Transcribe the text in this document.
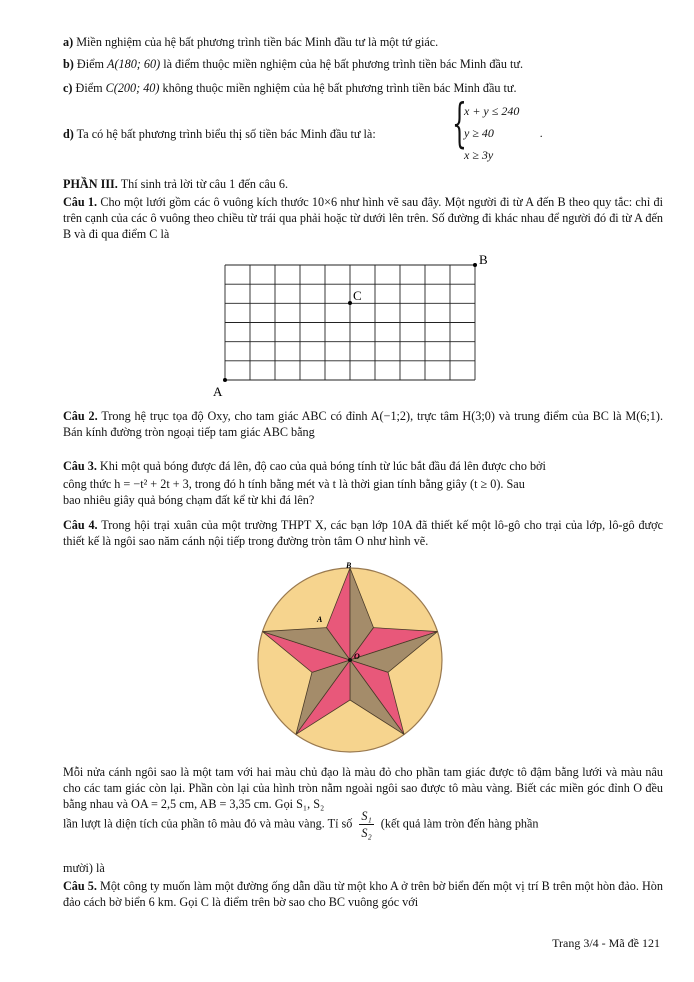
a) Miền nghiệm của hệ bất phương trình tiền bác Minh đầu tư là một tứ giác.
b) Điểm A(180; 60) là điểm thuộc miền nghiệm của hệ bất phương trình tiền bác Minh đầu tư.
c) Điểm C(200; 40) không thuộc miền nghiệm của hệ bất phương trình tiền bác Minh đầu tư.
d) Ta có hệ bất phương trình biểu thị số tiền bác Minh đầu tư là:	{
x + y ≤ 240
y ≥ 40
x ≥ 3y
.
PHẦN III. Thí sinh trả lời từ câu 1 đến câu 6.
Câu 1. Cho một lưới gồm các ô vuông kích thước 10×6 như hình vẽ sau đây. Một người đi từ A đến B theo quy tắc: chỉ đi trên cạnh của các ô vuông theo chiều từ trái qua phải hoặc từ dưới lên trên. Số đường đi khác nhau để người đó đi từ A đến B và đi qua điểm C là
A
B
C
Câu 2. Trong hệ trục tọa độ Oxy, cho tam giác ABC có đỉnh A(−1;2), trực tâm H(3;0) và trung điểm của BC là M(6;1). Bán kính đường tròn ngoại tiếp tam giác ABC bằng
Câu 3. Khi một quả bóng được đá lên, độ cao của quả bóng tính từ lúc bắt đầu đá lên được cho bởi
công thức h = −t² + 2t + 3, trong đó h tính bằng mét và t là thời gian tính bằng giây (t ≥ 0). Sau
bao nhiêu giây quả bóng chạm đất kể từ khi đá lên?
Câu 4. Trong hội trại xuân của một trường THPT X, các bạn lớp 10A đã thiết kế một lô-gô cho trại của lớp, lô-gô được thiết kế là ngôi sao năm cánh nội tiếp trong đường tròn tâm O như hình vẽ.
B
A
O
Mỗi nửa cánh ngôi sao là một tam với hai màu chủ đạo là màu đỏ cho phần tam giác được tô đậm bằng lưới và màu nâu cho các tam giác còn lại. Phần còn lại của hình tròn nằm ngoài ngôi sao được tô màu vàng. Biết các miền góc đỉnh O đều bằng nhau và OA = 2,5 cm, AB = 3,35 cm. Gọi S₁, S₂
lần lượt là diện tích của phần tô màu đỏ và màu vàng. Tỉ số $\frac{\text{S₁}}{\text{S₂}}$ (kết quả làm tròn đến hàng phần
mười) là
Câu 5. Một công ty muốn làm một đường ống dẫn dầu từ một kho A ở trên bờ biển đến một vị trí B trên một hòn đảo. Hòn đảo cách bờ biển 6 km. Gọi C là điểm trên bờ sao cho BC vuông góc với
Trang 3/4 - Mã đề 121
